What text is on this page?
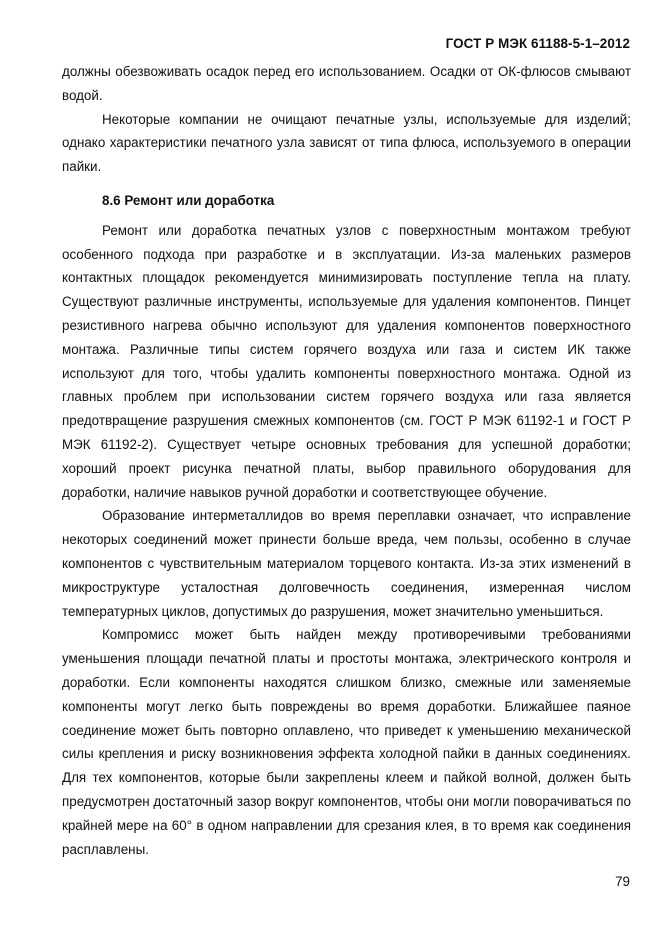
ГОСТ Р МЭК 61188-5-1–2012

должны обезвоживать осадок перед его использованием. Осадки от ОК-флюсов смывают водой.

Некоторые компании не очищают печатные узлы, используемые для изделий; однако характеристики печатного узла зависят от типа флюса, используемого в операции пайки.

8.6 Ремонт или доработка

Ремонт или доработка печатных узлов с поверхностным монтажом требуют особенного подхода при разработке и в эксплуатации. Из-за маленьких размеров контактных площадок рекомендуется минимизировать поступление тепла на плату. Существуют различные инструменты, используемые для удаления компонентов. Пинцет резистивного нагрева обычно используют для удаления компонентов поверхностного монтажа. Различные типы систем горячего воздуха или газа и систем ИК также используют для того, чтобы удалить компоненты поверхностного монтажа. Одной из главных проблем при использовании систем горячего воздуха или газа является предотвращение разрушения смежных компонентов (см. ГОСТ Р МЭК 61192-1 и ГОСТ Р МЭК 61192-2). Существует четыре основных требования для успешной доработки; хороший проект рисунка печатной платы, выбор правильного оборудования для доработки, наличие навыков ручной доработки и соответствующее обучение.

Образование интерметаллидов во время переплавки означает, что исправление некоторых соединений может принести больше вреда, чем пользы, особенно в случае компонентов с чувствительным материалом торцевого контакта. Из-за этих изменений в микроструктуре усталостная долговечность соединения, измеренная числом температурных циклов, допустимых до разрушения, может значительно уменьшиться.

Компромисс может быть найден между противоречивыми требованиями уменьшения площади печатной платы и простоты монтажа, электрического контроля и доработки. Если компоненты находятся слишком близко, смежные или заменяемые компоненты могут легко быть повреждены во время доработки. Ближайшее паяное соединение может быть повторно оплавлено, что приведет к уменьшению механической силы крепления и риску возникновения эффекта холодной пайки в данных соединениях. Для тех компонентов, которые были закреплены клеем и пайкой волной, должен быть предусмотрен достаточный зазор вокруг компонентов, чтобы они могли поворачиваться по крайней мере на 60° в одном направлении для срезания клея, в то время как соединения расплавлены.

79
